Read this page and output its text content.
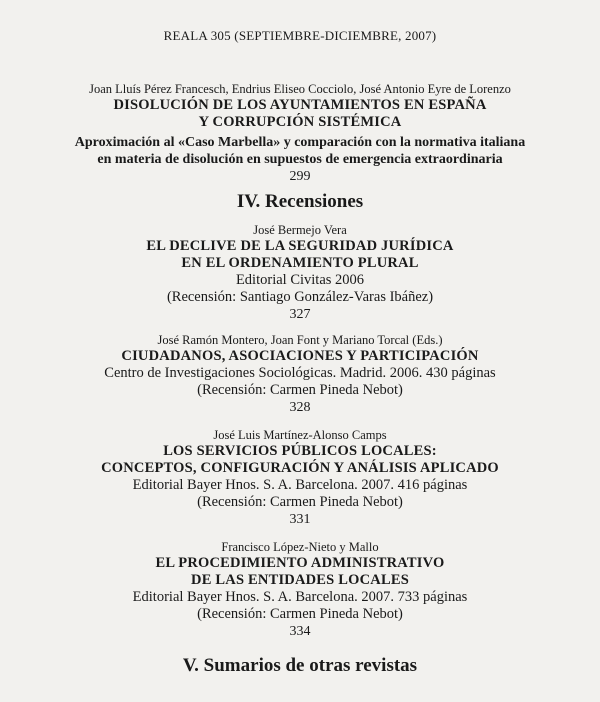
REALA 305 (SEPTIEMBRE-DICIEMBRE, 2007)
Joan Lluís Pérez Francesch, Endrius Eliseo Cocciolo, José Antonio Eyre de Lorenzo
DISOLUCIÓN DE LOS AYUNTAMIENTOS EN ESPAÑA
Y CORRUPCIÓN SISTÉMICA
Aproximación al «Caso Marbella» y comparación con la normativa italiana
en materia de disolución en supuestos de emergencia extraordinaria
299
IV. Recensiones
José Bermejo Vera
EL DECLIVE DE LA SEGURIDAD JURÍDICA
EN EL ORDENAMIENTO PLURAL
Editorial Civitas 2006
(Recensión: Santiago González-Varas Ibáñez)
327
José Ramón Montero, Joan Font y Mariano Torcal (Eds.)
CIUDADANOS, ASOCIACIONES Y PARTICIPACIÓN
Centro de Investigaciones Sociológicas. Madrid. 2006. 430 páginas
(Recensión: Carmen Pineda Nebot)
328
José Luis Martínez-Alonso Camps
LOS SERVICIOS PÚBLICOS LOCALES:
CONCEPTOS, CONFIGURACIÓN Y ANÁLISIS APLICADO
Editorial Bayer Hnos. S. A. Barcelona. 2007. 416 páginas
(Recensión: Carmen Pineda Nebot)
331
Francisco López-Nieto y Mallo
EL PROCEDIMIENTO ADMINISTRATIVO
DE LAS ENTIDADES LOCALES
Editorial Bayer Hnos. S. A. Barcelona. 2007. 733 páginas
(Recensión: Carmen Pineda Nebot)
334
V. Sumarios de otras revistas
